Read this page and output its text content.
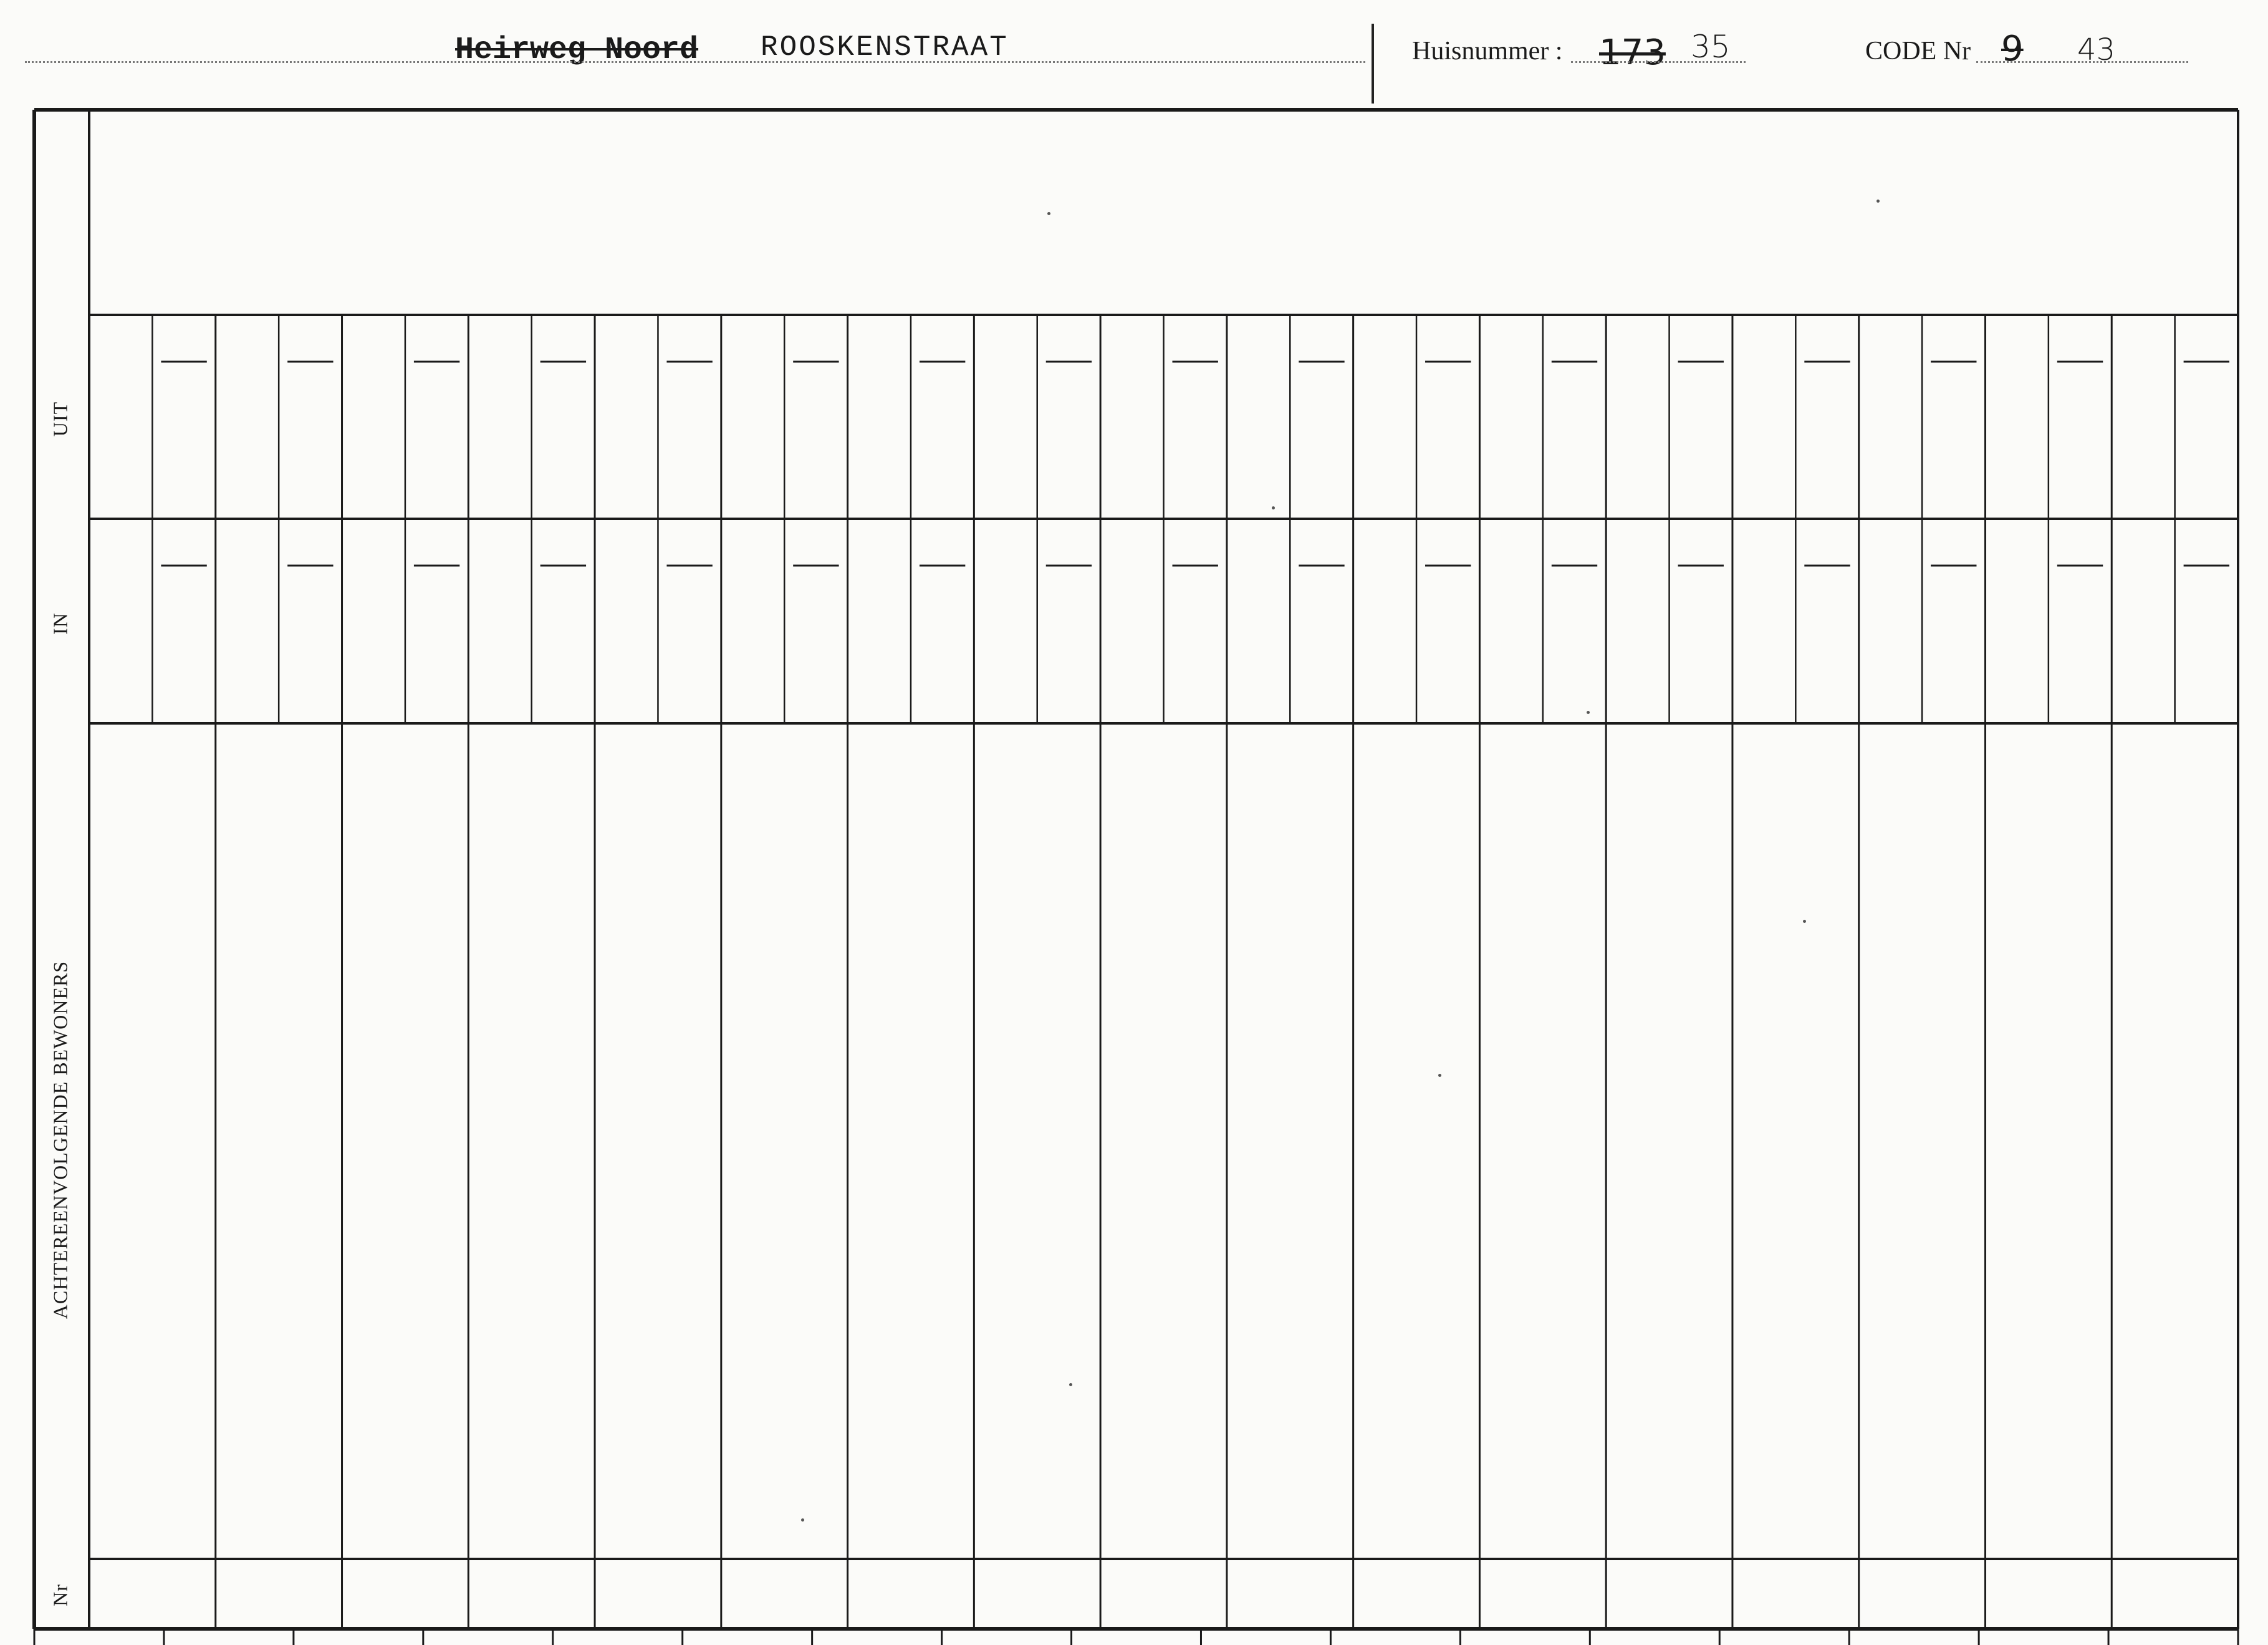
Heirweg Noord ROOSKENSTRAAT	Huisnummer : 173 35	CODE Nr 9 43
UIT
IN
ACHTEREENVOLGENDE BEWONERS
Nr
